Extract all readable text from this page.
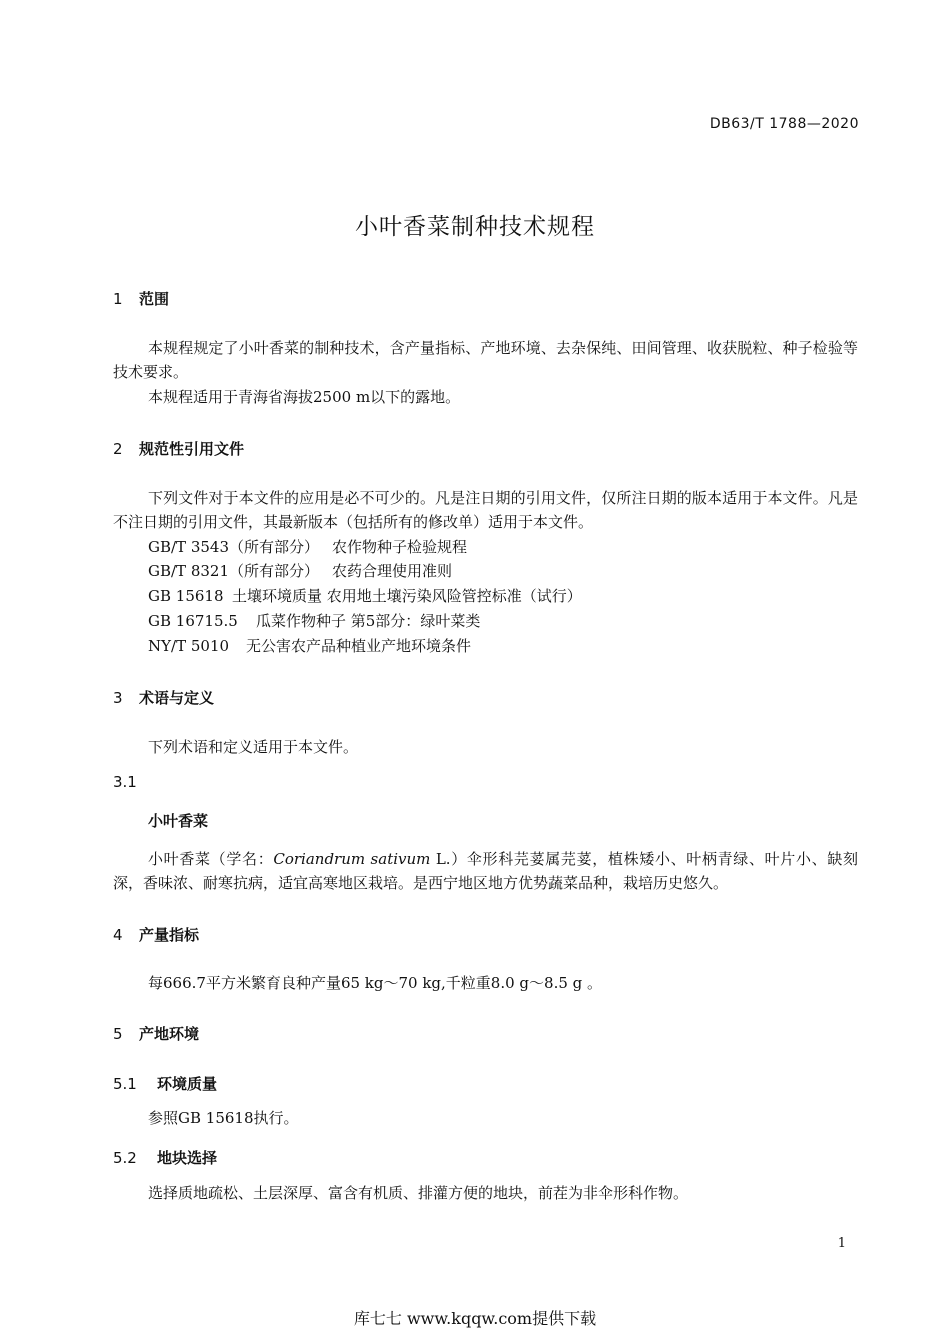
DB63/T 1788—2020
小叶香菜制种技术规程
1 范围
本规程规定了小叶香菜的制种技术，含产量指标、产地环境、去杂保纯、田间管理、收获脱粒、种子检验等技术要求。
本规程适用于青海省海拔2500 m以下的露地。
2 规范性引用文件
下列文件对于本文件的应用是必不可少的。凡是注日期的引用文件，仅所注日期的版本适用于本文件。凡是不注日期的引用文件，其最新版本（包括所有的修改单）适用于本文件。
GB/T 3543（所有部分） 农作物种子检验规程
GB/T 8321（所有部分） 农药合理使用准则
GB 15618 土壤环境质量 农用地土壤污染风险管控标准（试行）
GB 16715.5 瓜菜作物种子 第5部分：绿叶菜类
NY/T 5010 无公害农产品种植业产地环境条件
3 术语与定义
下列术语和定义适用于本文件。
3.1
小叶香菜
小叶香菜（学名：Coriandrum sativum L.）伞形科芫荽属芫荽，植株矮小、叶柄青绿、叶片小、缺刻深，香味浓、耐寒抗病，适宜高寒地区栽培。是西宁地区地方优势蔬菜品种，栽培历史悠久。
4 产量指标
每666.7平方米繁育良种产量65 kg～70 kg,千粒重8.0 g～8.5 g 。
5 产地环境
5.1 环境质量
参照GB 15618执行。
5.2 地块选择
选择质地疏松、土层深厚、富含有机质、排灌方便的地块，前茬为非伞形科作物。
1
库七七 www.kqqw.com提供下载
